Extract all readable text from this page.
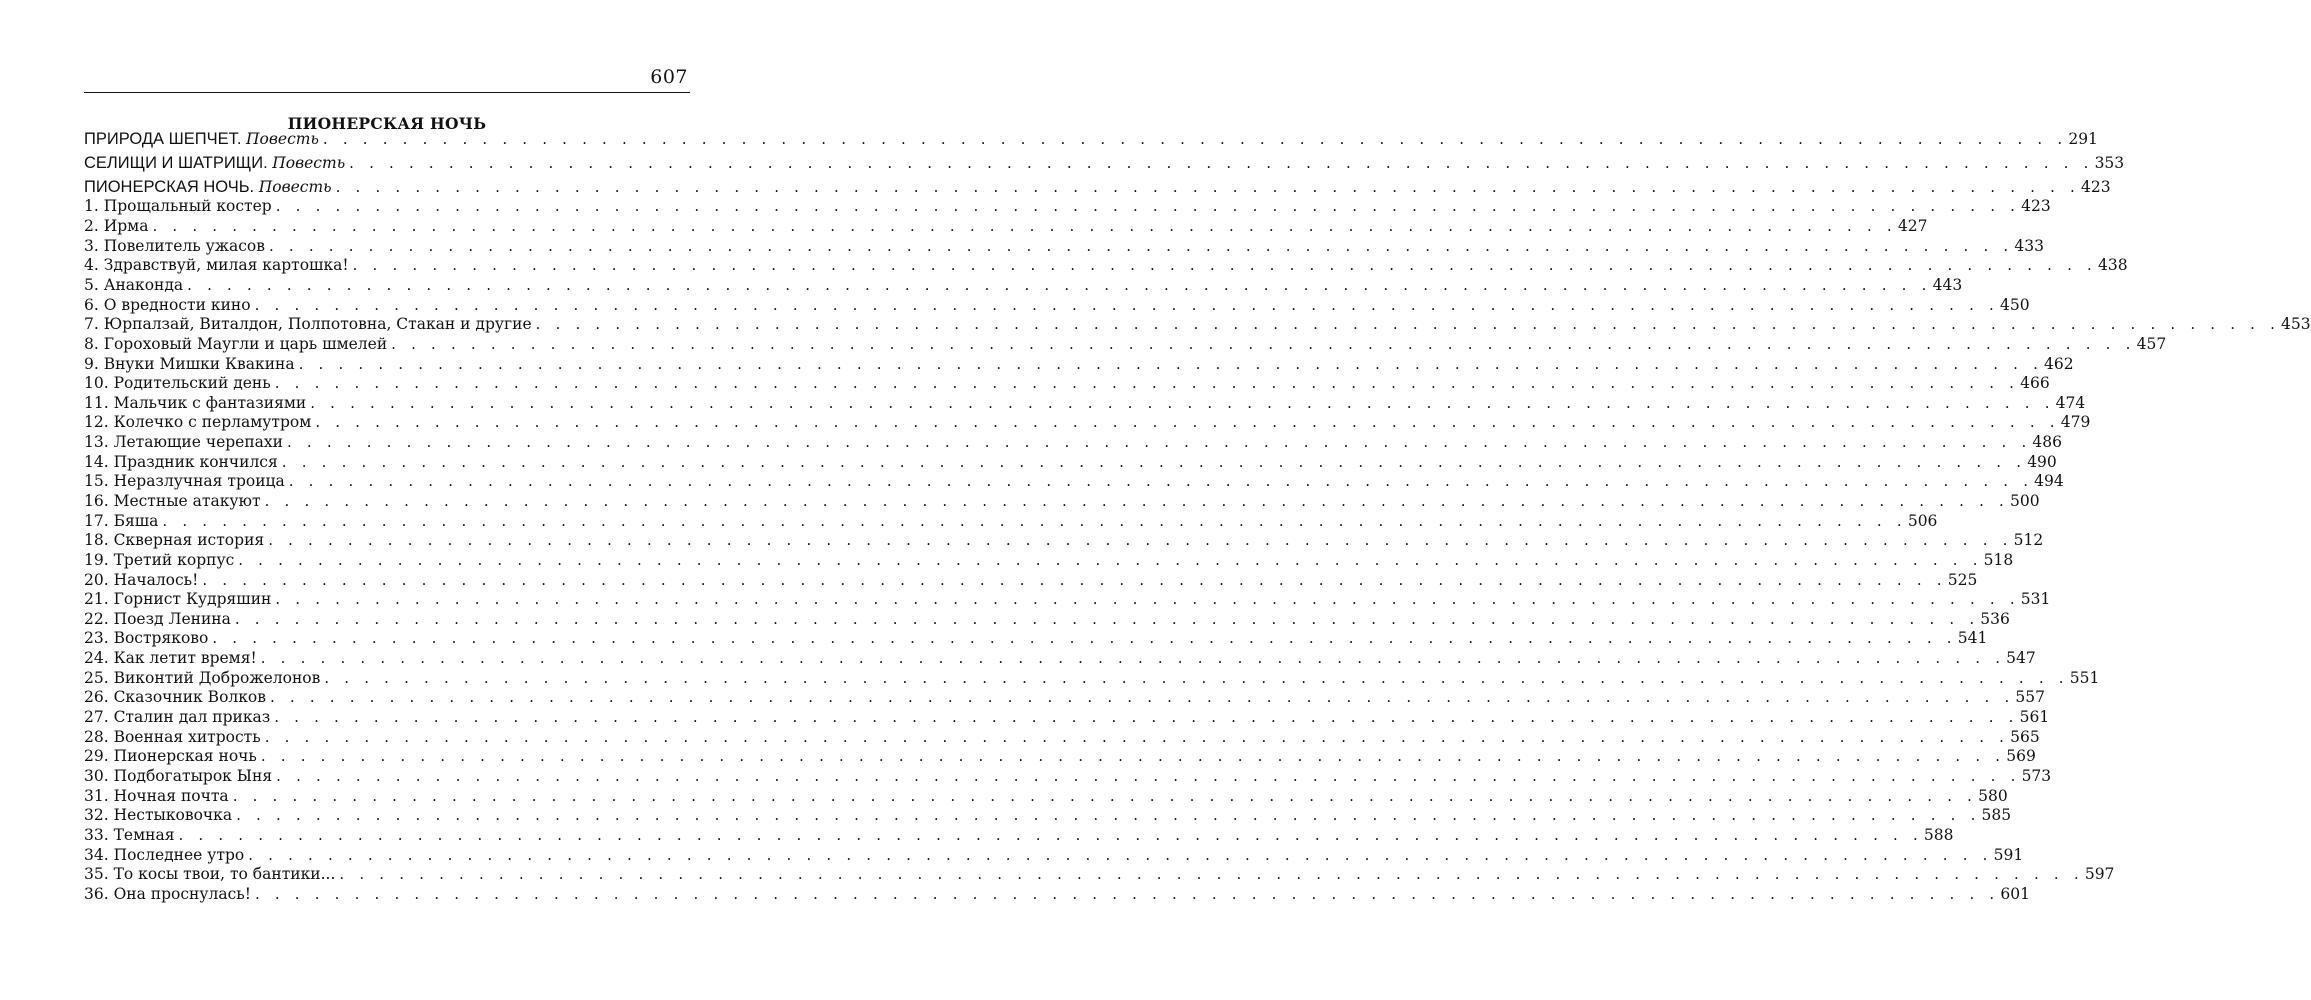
607
ПИОНЕРСКАЯ НОЧЬ
ПРИРОДА ШЕПЧЕТ.
Повесть . . . . . . . . . . . . . . . . . . . . . . . . . . . . . . . . . . . . . . . . . . . . . . . . . . . . . . . . . . . . . . . . . . . . . . . . . . . . . . . . . . . . . . . . 291
СЕЛИЩИ И ШАТРИЩИ.
Повесть . . . . . . . . . . . . . . . . . . . . . . . . . . . . . . . . . . . . . . . . . . . . . . . . . . . . . . . . . . . . . . . . . . . . . . . . . . . . . . . . . . . . . . . . 353
ПИОНЕРСКАЯ НОЧЬ.
Повесть . . . . . . . . . . . . . . . . . . . . . . . . . . . . . . . . . . . . . . . . . . . . . . . . . . . . . . . . . . . . . . . . . . . . . . . . . . . . . . . . . . . . . . . . 423
1. Прощальный костер . . . . . . . . . . . . . . . . . . . . . . . . . . . . . . . . . . . . . . . . . . . . . . . . . . . . . . . . . . . . . . . . . . . . . . . . . . . . . . . . . . . . . . . . 423
2. Ирма . . . . . . . . . . . . . . . . . . . . . . . . . . . . . . . . . . . . . . . . . . . . . . . . . . . . . . . . . . . . . . . . . . . . . . . . . . . . . . . . . . . . . . . . 427
3. Повелитель ужасов . . . . . . . . . . . . . . . . . . . . . . . . . . . . . . . . . . . . . . . . . . . . . . . . . . . . . . . . . . . . . . . . . . . . . . . . . . . . . . . . . . . . . . . . 433
4. Здравствуй, милая картошка! . . . . . . . . . . . . . . . . . . . . . . . . . . . . . . . . . . . . . . . . . . . . . . . . . . . . . . . . . . . . . . . . . . . . . . . . . . . . . . . . . . . . . . . . 438
5. Анаконда . . . . . . . . . . . . . . . . . . . . . . . . . . . . . . . . . . . . . . . . . . . . . . . . . . . . . . . . . . . . . . . . . . . . . . . . . . . . . . . . . . . . . . . . 443
6. О вредности кино . . . . . . . . . . . . . . . . . . . . . . . . . . . . . . . . . . . . . . . . . . . . . . . . . . . . . . . . . . . . . . . . . . . . . . . . . . . . . . . . . . . . . . . . 450
7. Юрпалзай, Виталдон, Полпотовна, Стакан и другие . . . . . . . . . . . . . . . . . . . . . . . . . . . . . . . . . . . . . . . . . . . . . . . . . . . . . . . . . . . . . . . . . . . . . . . . . . . . . . . . . . . . . . . . 453
8. Гороховый Маугли и царь шмелей . . . . . . . . . . . . . . . . . . . . . . . . . . . . . . . . . . . . . . . . . . . . . . . . . . . . . . . . . . . . . . . . . . . . . . . . . . . . . . . . . . . . . . . . 457
9. Внуки Мишки Квакина . . . . . . . . . . . . . . . . . . . . . . . . . . . . . . . . . . . . . . . . . . . . . . . . . . . . . . . . . . . . . . . . . . . . . . . . . . . . . . . . . . . . . . . . 462
10. Родительский день . . . . . . . . . . . . . . . . . . . . . . . . . . . . . . . . . . . . . . . . . . . . . . . . . . . . . . . . . . . . . . . . . . . . . . . . . . . . . . . . . . . . . . . . 466
11. Мальчик с фантазиями . . . . . . . . . . . . . . . . . . . . . . . . . . . . . . . . . . . . . . . . . . . . . . . . . . . . . . . . . . . . . . . . . . . . . . . . . . . . . . . . . . . . . . . . 474
12. Колечко с перламутром . . . . . . . . . . . . . . . . . . . . . . . . . . . . . . . . . . . . . . . . . . . . . . . . . . . . . . . . . . . . . . . . . . . . . . . . . . . . . . . . . . . . . . . . 479
13. Летающие черепахи . . . . . . . . . . . . . . . . . . . . . . . . . . . . . . . . . . . . . . . . . . . . . . . . . . . . . . . . . . . . . . . . . . . . . . . . . . . . . . . . . . . . . . . . 486
14. Праздник кончился . . . . . . . . . . . . . . . . . . . . . . . . . . . . . . . . . . . . . . . . . . . . . . . . . . . . . . . . . . . . . . . . . . . . . . . . . . . . . . . . . . . . . . . . 490
15. Неразлучная троица . . . . . . . . . . . . . . . . . . . . . . . . . . . . . . . . . . . . . . . . . . . . . . . . . . . . . . . . . . . . . . . . . . . . . . . . . . . . . . . . . . . . . . . . 494
16. Местные атакуют . . . . . . . . . . . . . . . . . . . . . . . . . . . . . . . . . . . . . . . . . . . . . . . . . . . . . . . . . . . . . . . . . . . . . . . . . . . . . . . . . . . . . . . . 500
17. Бяша . . . . . . . . . . . . . . . . . . . . . . . . . . . . . . . . . . . . . . . . . . . . . . . . . . . . . . . . . . . . . . . . . . . . . . . . . . . . . . . . . . . . . . . . 506
18. Скверная история . . . . . . . . . . . . . . . . . . . . . . . . . . . . . . . . . . . . . . . . . . . . . . . . . . . . . . . . . . . . . . . . . . . . . . . . . . . . . . . . . . . . . . . . 512
19. Третий корпус . . . . . . . . . . . . . . . . . . . . . . . . . . . . . . . . . . . . . . . . . . . . . . . . . . . . . . . . . . . . . . . . . . . . . . . . . . . . . . . . . . . . . . . . 518
20. Началось! . . . . . . . . . . . . . . . . . . . . . . . . . . . . . . . . . . . . . . . . . . . . . . . . . . . . . . . . . . . . . . . . . . . . . . . . . . . . . . . . . . . . . . . . 525
21. Горнист Кудряшин . . . . . . . . . . . . . . . . . . . . . . . . . . . . . . . . . . . . . . . . . . . . . . . . . . . . . . . . . . . . . . . . . . . . . . . . . . . . . . . . . . . . . . . . 531
22. Поезд Ленина . . . . . . . . . . . . . . . . . . . . . . . . . . . . . . . . . . . . . . . . . . . . . . . . . . . . . . . . . . . . . . . . . . . . . . . . . . . . . . . . . . . . . . . . 536
23. Востряково . . . . . . . . . . . . . . . . . . . . . . . . . . . . . . . . . . . . . . . . . . . . . . . . . . . . . . . . . . . . . . . . . . . . . . . . . . . . . . . . . . . . . . . . 541
24. Как летит время! . . . . . . . . . . . . . . . . . . . . . . . . . . . . . . . . . . . . . . . . . . . . . . . . . . . . . . . . . . . . . . . . . . . . . . . . . . . . . . . . . . . . . . . . 547
25. Виконтий Доброжелонов . . . . . . . . . . . . . . . . . . . . . . . . . . . . . . . . . . . . . . . . . . . . . . . . . . . . . . . . . . . . . . . . . . . . . . . . . . . . . . . . . . . . . . . . 551
26. Сказочник Волков . . . . . . . . . . . . . . . . . . . . . . . . . . . . . . . . . . . . . . . . . . . . . . . . . . . . . . . . . . . . . . . . . . . . . . . . . . . . . . . . . . . . . . . . 557
27. Сталин дал приказ . . . . . . . . . . . . . . . . . . . . . . . . . . . . . . . . . . . . . . . . . . . . . . . . . . . . . . . . . . . . . . . . . . . . . . . . . . . . . . . . . . . . . . . . 561
28. Военная хитрость . . . . . . . . . . . . . . . . . . . . . . . . . . . . . . . . . . . . . . . . . . . . . . . . . . . . . . . . . . . . . . . . . . . . . . . . . . . . . . . . . . . . . . . . 565
29. Пионерская ночь . . . . . . . . . . . . . . . . . . . . . . . . . . . . . . . . . . . . . . . . . . . . . . . . . . . . . . . . . . . . . . . . . . . . . . . . . . . . . . . . . . . . . . . . 569
30. Подбогатырок Ыня . . . . . . . . . . . . . . . . . . . . . . . . . . . . . . . . . . . . . . . . . . . . . . . . . . . . . . . . . . . . . . . . . . . . . . . . . . . . . . . . . . . . . . . . 573
31. Ночная почта . . . . . . . . . . . . . . . . . . . . . . . . . . . . . . . . . . . . . . . . . . . . . . . . . . . . . . . . . . . . . . . . . . . . . . . . . . . . . . . . . . . . . . . . 580
32. Нестыковочка . . . . . . . . . . . . . . . . . . . . . . . . . . . . . . . . . . . . . . . . . . . . . . . . . . . . . . . . . . . . . . . . . . . . . . . . . . . . . . . . . . . . . . . . 585
33. Темная . . . . . . . . . . . . . . . . . . . . . . . . . . . . . . . . . . . . . . . . . . . . . . . . . . . . . . . . . . . . . . . . . . . . . . . . . . . . . . . . . . . . . . . . 588
34. Последнее утро . . . . . . . . . . . . . . . . . . . . . . . . . . . . . . . . . . . . . . . . . . . . . . . . . . . . . . . . . . . . . . . . . . . . . . . . . . . . . . . . . . . . . . . . 591
35. То косы твои, то бантики... . . . . . . . . . . . . . . . . . . . . . . . . . . . . . . . . . . . . . . . . . . . . . . . . . . . . . . . . . . . . . . . . . . . . . . . . . . . . . . . . . . . . . . . . 597
36. Она проснулась! . . . . . . . . . . . . . . . . . . . . . . . . . . . . . . . . . . . . . . . . . . . . . . . . . . . . . . . . . . . . . . . . . . . . . . . . . . . . . . . . . . . . . . . . 601
